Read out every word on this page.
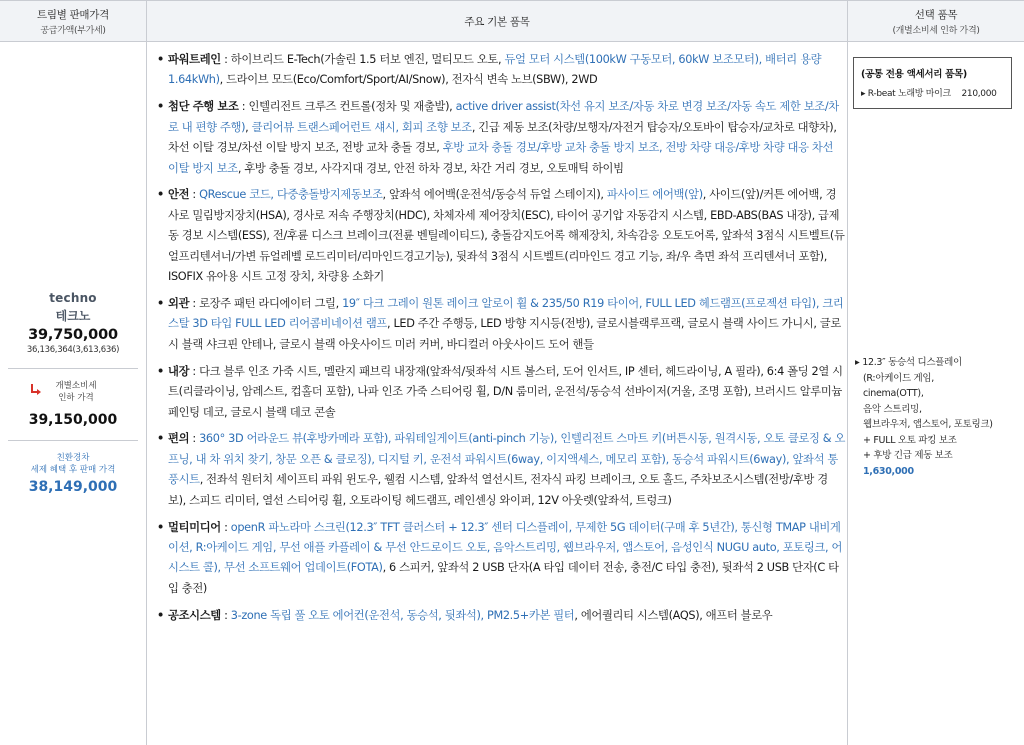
트림별 판매가격
공급가액(부가세)
주요 기본 품목
선택 품목
(개별소비세 인하 가격)
techno
테크노
39,750,000
36,136,364(3,613,636)
개별소비세
인하 가격
39,150,000
친환경차
세제 혜택 후 판매 가격
38,149,000
• 파워트레인 : 하이브리드 E-Tech(가솔린 1.5 터보 엔진, 멀티모드 오토, 듀얼 모터 시스템(100kW 구동모터, 60kW 보조모터), 배터리 용량 1.64kWh), 드라이브 모드(Eco/Comfort/Sport/AI/Snow), 전자식 변속 노브(SBW), 2WD
• 첨단 주행 보조 : 인텔리전트 크루즈 컨트롤(정차 및 재출발), active driver assist(차선 유지 보조/자동 차로 변경 보조/자동 속도 제한 보조/차로 내 편향 주행), 클리어뷰 트랜스페어런트 섀시, 회피 조향 보조, 긴급 제동 보조(차량/보행자/자전거 탑승자/오토바이 탑승자/교차로 대향차), 차선 이탈 경보/차선 이탈 방지 보조, 전방 교차 충돌 경보, 후방 교차 충돌 경보/후방 교차 충돌 방지 보조, 전방 차량 대응/후방 차량 대응 차선 이탈 방지 보조, 후방 충돌 경보, 사각지대 경보, 안전 하차 경보, 차간 거리 경보, 오토매틱 하이빔
• 안전 : ԚRescue 코드, 다중충돌방지제동보조, 앞좌석 에어백(운전석/동승석 듀얼 스테이지), 파사이드 에어백(앞), 사이드(앞)/커튼 에어백, 경사로 밀림방지장치(HSA), 경사로 저속 주행장치(HDC), 차체자세 제어장치(ESC), 타이어 공기압 자동감지 시스템, EBD-ABS(BAS 내장), 급제동 경보 시스템(ESS), 전/후륜 디스크 브레이크(전륜 벤틸레이티드), 충돌감지도어록 해제장치, 차속감응 오토도어록, 앞좌석 3점식 시트벨트(듀얼프리텐셔너/가변 듀얼레벨 로드리미터/리마인드경고기능), 뒷좌석 3점식 시트벨트(리마인드 경고 기능, 좌/우 측면 좌석 프리텐셔너 포함), ISOFIX 유아용 시트 고정 장치, 차량용 소화기
• 외관 : 로장주 패턴 라디에이터 그릴, 19″ 다크 그레이 원톤 레이크 알로이 휠 & 235/50 R19 타이어, FULL LED 헤드램프(프로젝션 타입), 크리스탈 3D 타입 FULL LED 리어콤비네이션 램프, LED 주간 주행등, LED 방향 지시등(전방), 글로시블랙루프랙, 글로시 블랙 사이드 가니시, 글로시 블랙 샤크핀 안테나, 글로시 블랙 아웃사이드 미러 커버, 바디컬러 아웃사이드 도어 핸들
• 내장 : 다크 블루 인조 가죽 시트, 멜란지 패브릭 내장재(앞좌석/뒷좌석 시트 볼스터, 도어 인서트, IP 센터, 헤드라이닝, A 필라), 6:4 폴딩 2열 시트(리클라이닝, 암레스트, 컵홀더 포함), 나파 인조 가죽 스티어링 휠, D/N 룸미러, 운전석/동승석 선바이저(거울, 조명 포함), 브러시드 알루미늄 페인팅 데코, 글로시 블랙 데코 콘솔
• 편의 : 360° 3D 어라운드 뷰(후방카메라 포함), 파워테일게이트(anti-pinch 기능), 인텔리전트 스마트 키(버튼시동, 원격시동, 오토 클로징 & 오프닝, 내 차 위치 찾기, 창문 오픈 & 클로징), 디지털 키, 운전석 파워시트(6way, 이지액세스, 메모리 포함), 동승석 파워시트(6way), 앞좌석 통풍시트, 전좌석 원터치 세이프티 파워 윈도우, 웰컴 시스템, 앞좌석 열선시트, 전자식 파킹 브레이크, 오토 홀드, 주차보조시스템(전방/후방 경보), 스피드 리미터, 열선 스티어링 휠, 오토라이팅 헤드램프, 레인센싱 와이퍼, 12V 아웃렛(앞좌석, 트렁크)
• 멀티미디어 : openR 파노라마 스크린(12.3″ TFT 클러스터 + 12.3″ 센터 디스플레이, 무제한 5G 데이터(구매 후 5년간), 통신형 TMAP 내비게이션, R:아케이드 게임, 무선 애플 카플레이 & 무선 안드로이드 오토, 음악스트리밍, 웹브라우저, 앱스토어, 음성인식 NUGU auto, 포토링크, 어시스트 콜), 무선 소프트웨어 업데이트(FOTA), 6 스피커, 앞좌석 2 USB 단자(A 타입 데이터 전송, 충전/C 타입 충전), 뒷좌석 2 USB 단자(C 타입 충전)
• 공조시스템 : 3-zone 독립 풀 오토 에어컨(운전석, 동승석, 뒷좌석), PM2.5+카본 필터, 에어퀄리티 시스템(AQS), 애프터 블로우
(공통 전용 액세서리 품목)
▸ R-beat 노래방 마이크 210,000
▸ 12.3″ 동승석 디스플레이
(R:아케이드 게임,
cinema(OTT),
음악 스트리밍,
웹브라우저, 앱스토어, 포토링크)
+ FULL 오토 파킹 보조
+ 후방 긴급 제동 보조
1,630,000
